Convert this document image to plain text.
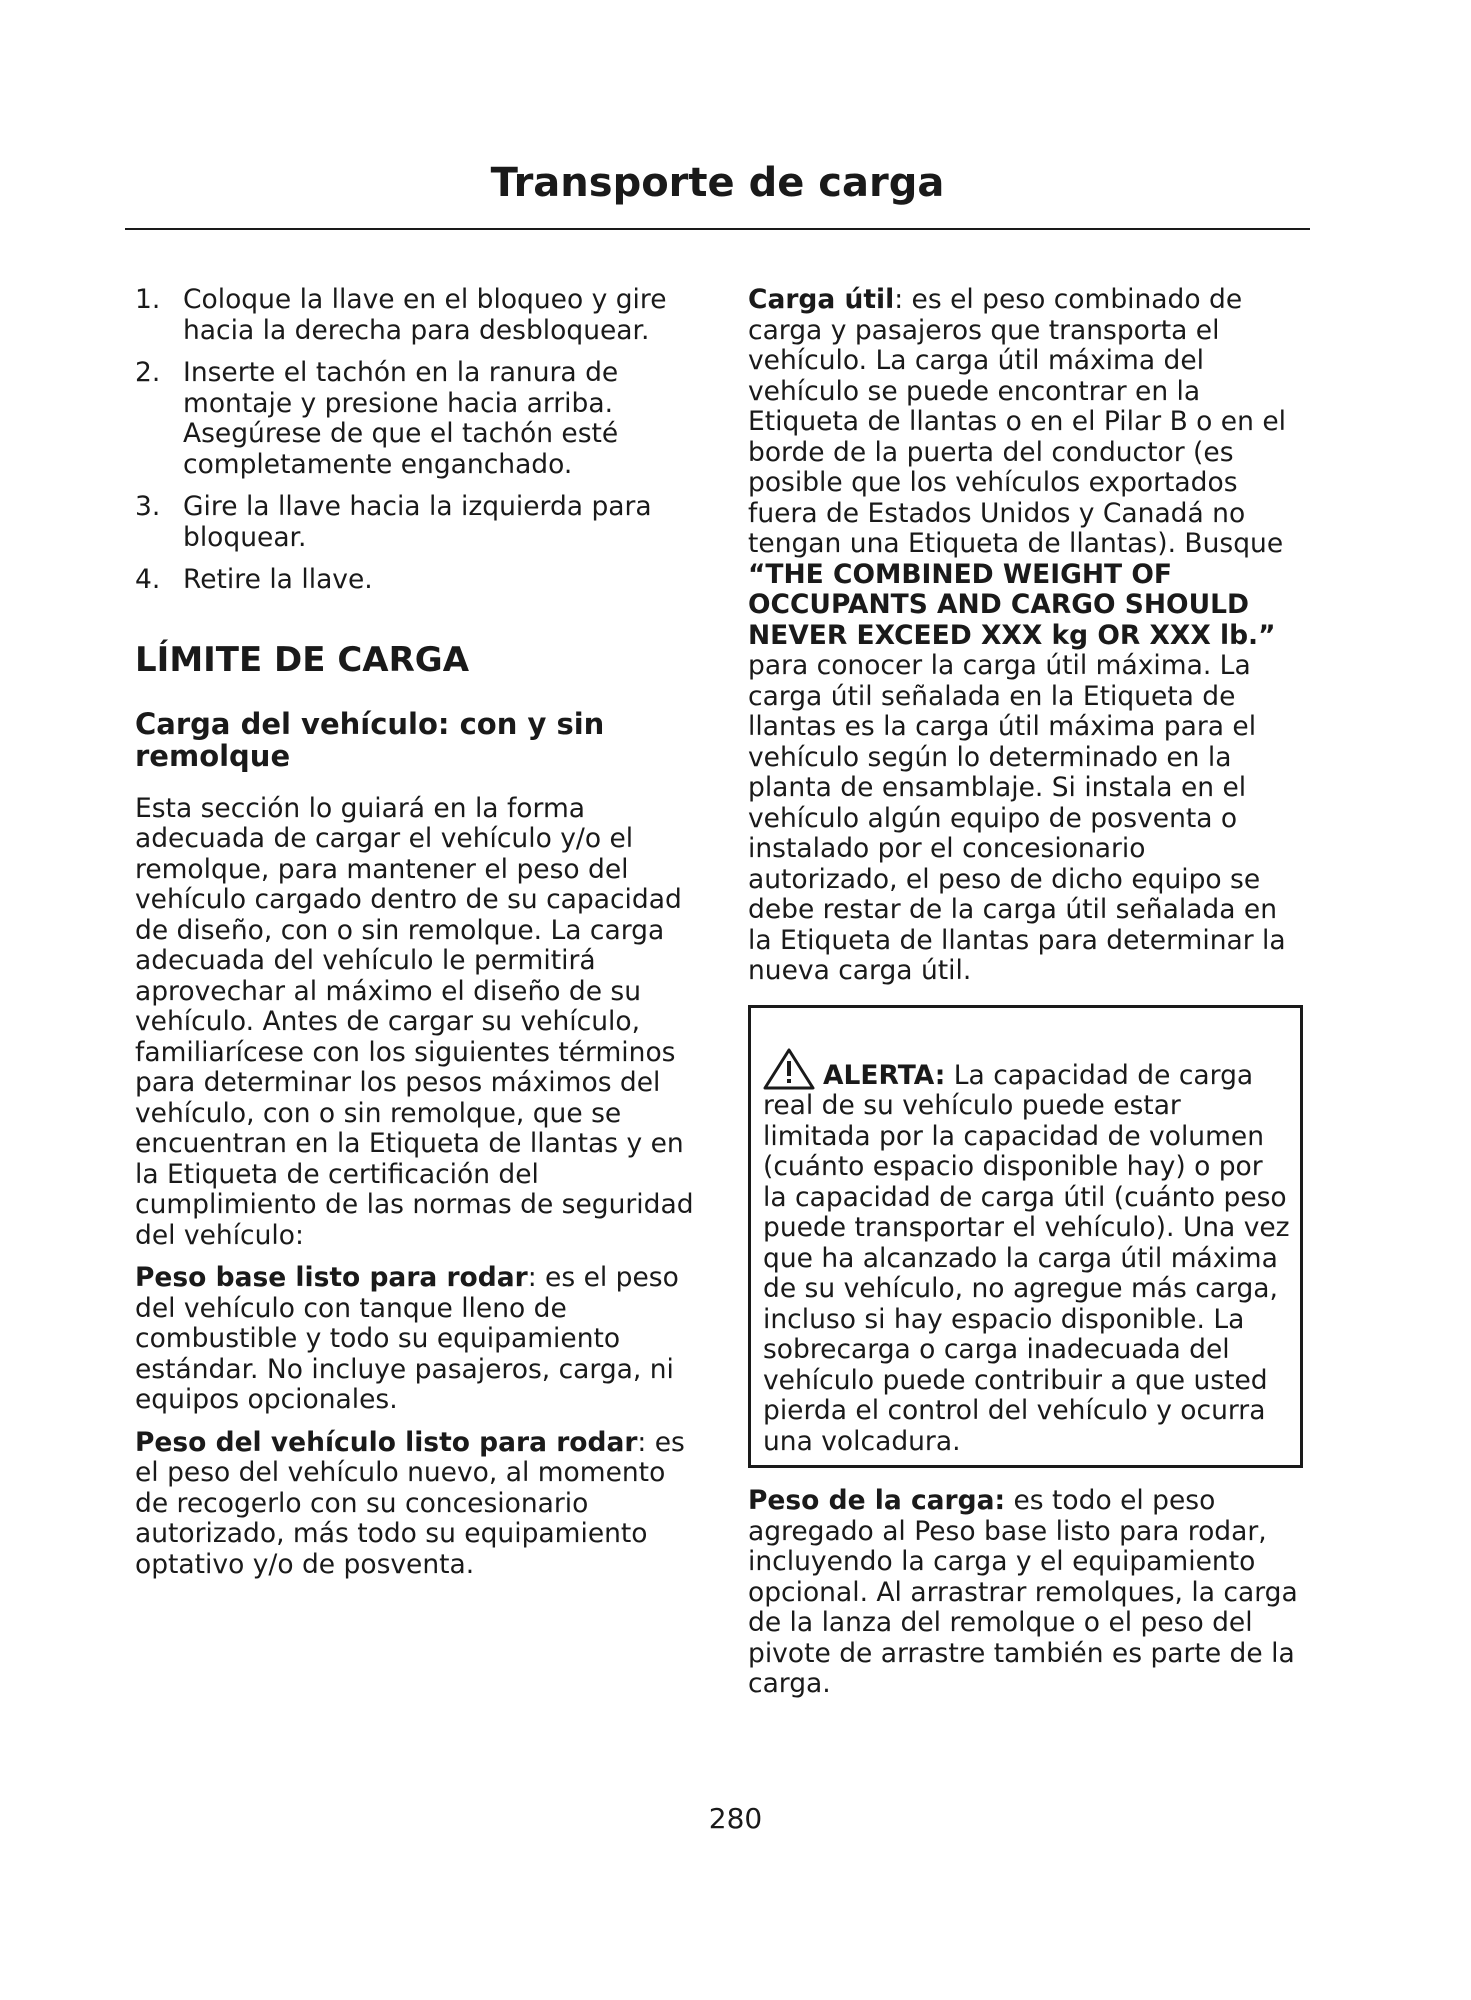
Transporte de carga
1. Coloque la llave en el bloqueo y gire hacia la derecha para desbloquear.
2. Inserte el tachón en la ranura de montaje y presione hacia arriba. Asegúrese de que el tachón esté completamente enganchado.
3. Gire la llave hacia la izquierda para bloquear.
4. Retire la llave.
LÍMITE DE CARGA
Carga del vehículo: con y sin remolque

Esta sección lo guiará en la forma adecuada de cargar el vehículo y/o el remolque, para mantener el peso del vehículo cargado dentro de su capacidad de diseño, con o sin remolque. La carga adecuada del vehículo le permitirá aprovechar al máximo el diseño de su vehículo. Antes de cargar su vehículo, familiarícese con los siguientes términos para determinar los pesos máximos del vehículo, con o sin remolque, que se encuentran en la Etiqueta de llantas y en la Etiqueta de certificación del cumplimiento de las normas de seguridad del vehículo:

Peso base listo para rodar: es el peso del vehículo con tanque lleno de combustible y todo su equipamiento estándar. No incluye pasajeros, carga, ni equipos opcionales.

Peso del vehículo listo para rodar: es el peso del vehículo nuevo, al momento de recogerlo con su concesionario autorizado, más todo su equipamiento optativo y/o de posventa.

Carga útil: es el peso combinado de carga y pasajeros que transporta el vehículo. La carga útil máxima del vehículo se puede encontrar en la Etiqueta de llantas o en el Pilar B o en el borde de la puerta del conductor (es posible que los vehículos exportados fuera de Estados Unidos y Canadá no tengan una Etiqueta de llantas). Busque “THE COMBINED WEIGHT OF OCCUPANTS AND CARGO SHOULD NEVER EXCEED XXX kg OR XXX lb.” para conocer la carga útil máxima. La carga útil señalada en la Etiqueta de llantas es la carga útil máxima para el vehículo según lo determinado en la planta de ensamblaje. Si instala en el vehículo algún equipo de posventa o instalado por el concesionario autorizado, el peso de dicho equipo se debe restar de la carga útil señalada en la Etiqueta de llantas para determinar la nueva carga útil.

ALERTA: La capacidad de carga real de su vehículo puede estar limitada por la capacidad de volumen (cuánto espacio disponible hay) o por la capacidad de carga útil (cuánto peso puede transportar el vehículo). Una vez que ha alcanzado la carga útil máxima de su vehículo, no agregue más carga, incluso si hay espacio disponible. La sobrecarga o carga inadecuada del vehículo puede contribuir a que usted pierda el control del vehículo y ocurra una volcadura.

Peso de la carga: es todo el peso agregado al Peso base listo para rodar, incluyendo la carga y el equipamiento opcional. Al arrastrar remolques, la carga de la lanza del remolque o el peso del pivote de arrastre también es parte de la carga.

280
